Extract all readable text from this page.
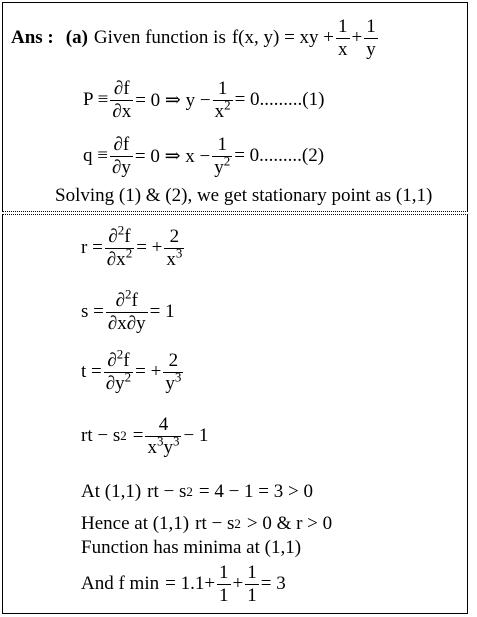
Ans : (a) Given function is f(x, y) = xy + $\frac{1}{x} + \frac{1}{y}$
$P \equiv \frac{\partial f}{\partial x} = 0$ ⇒ $y - \frac{1}{x^2} = 0.........(1)$
$q \equiv \frac{\partial f}{\partial y} = 0$ ⇒ $x - \frac{1}{y^2} = 0.........(2)$
Solving (1) & (2), we get stationary point as (1,1)
$r = \frac{\partial^2f}{\partial x^2}$ = + $\frac{2}{x^3}$
$s = \frac{\partial^2f}{\partial x\partial y} = 1$
$t = \frac{\partial^2f}{\partial y^2}$ = + $\frac{2}{y^3}$
rt − s $2 = \frac{4}{x^3y^3} - 1$
At (1,1) rt − s 2 = 4 − 1 = 3 > 0
Hence at (1,1) rt − s 2 > 0 & r > 0
Function has minima at (1,1)
And f $\min = 1.1+ \frac{1}{1} + \frac{1}{1} = 3$
